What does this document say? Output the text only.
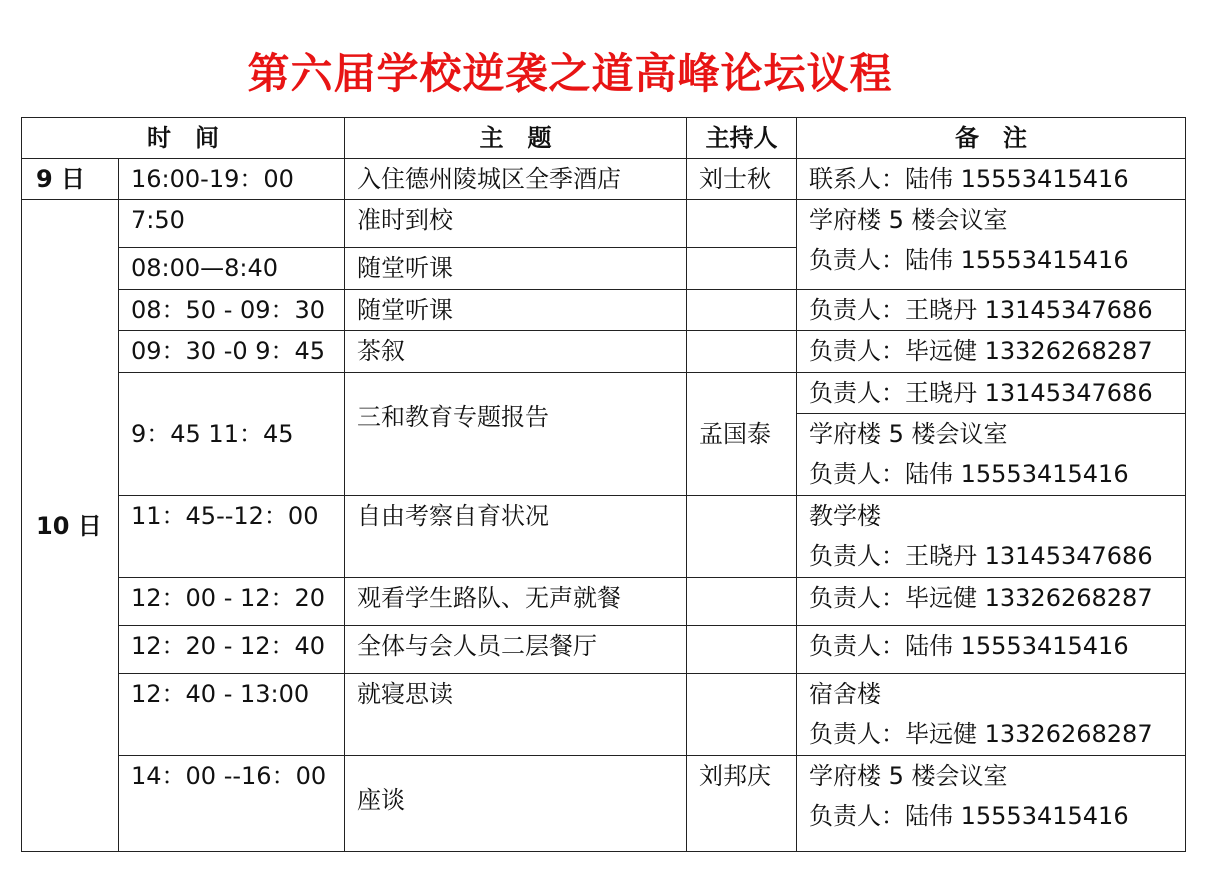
第六届学校逆袭之道高峰论坛议程
时　间		主　题	主持人	备　注
9 日	16:00-19：00	入住德州陵城区全季酒店	刘士秋	联系人：陆伟 15553415416
10 日	7:50	准时到校		学府楼 5 楼会议室
负责人：陆伟 15553415416

	08:00—8:40	随堂听课		
	08：50 - 09：30	随堂听课		负责人：王晓丹 13145347686
	09：30 -0 9：45	茶叙		负责人：毕远健 13326268287
	9：45 11：45	三和教育专题报告	孟国泰	负责人：王晓丹 13145347686

				学府楼 5 楼会议室
负责人：陆伟 15553415416

	11：45--12：00	自由考察自育状况		教学楼
负责人：王晓丹 13145347686

	12：00 - 12：20	观看学生路队、无声就餐		负责人：毕远健 13326268287
	12：20 - 12：40	全体与会人员二层餐厅		负责人：陆伟 15553415416
	12：40 - 13:00	就寝思读		宿舍楼
负责人：毕远健 13326268287

	14：00 --16：00	座谈	刘邦庆	学府楼 5 楼会议室
负责人：陆伟 15553415416
